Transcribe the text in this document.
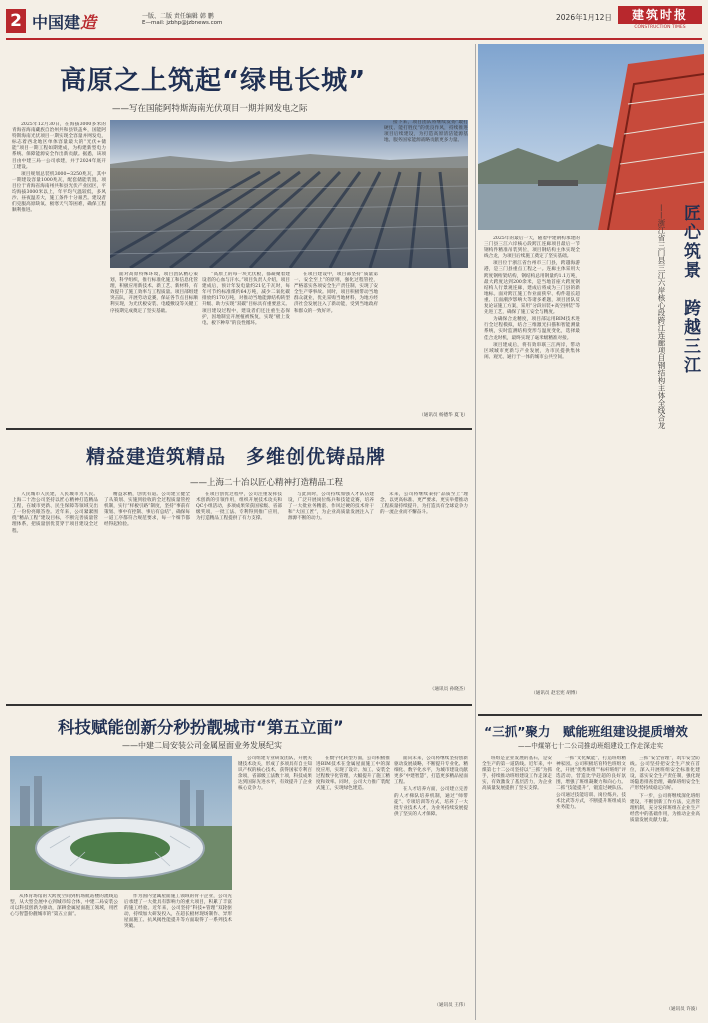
2 中国建造	一版、二版 责任编辑 韩 鹏
E—mail: jzbhp@jzbnews.com
2026年1月12日	建筑时报
CONSTRUCTION TIMES
高原之上筑起“绿电长城”
——写在国能阿特斯海南光伏项目一期并网发电之际

2025年12月30日，在海拔3000多米的青海省海南藏族自治州共和县铁盖乡，国能阿特斯海南光伏项目一期实现全容量并网发电，标志着西北地区单体容量最大的“光伏+储能”项目一期工程如期建成，为构建新型电力系统、保障能源安全作出新贡献。据悉，该项目由中建三局一公司承建，并于2024年底开工建设。

项目规划总装机3000~3250兆瓦，其中一期建设容量1000兆瓦，配套储能装置。项目位于青海省海南州共和县光伏产业园区，平均海拔3000米以上，年平均气温较低，多风沙、昼夜温差大，施工条件十分艰苦。建设者们克服高原缺氧、极寒天气等困难，确保工程顺利推进。

面对高原特殊环境，项目团队精心策划，科学组织，推行标准化施工和信息化管理，积极应用新技术、新工艺、新材料，有效提升了施工效率与工程质量。项目部组建突击队，开展劳动竞赛，保证各节点目标顺利实现，为光伏板安装、电缆敷设等关键工序按期完成奠定了坚实基础。

“高原上的每一块光伏板，都凝聚着建设者的心血与汗水。”项目负责人介绍，项目建成后，预计年发电量约21亿千瓦时，每年可节约标准煤约64万吨，减少二氧化碳排放约170万吨，对推动当地能源结构转型升级、助力实现“双碳”目标具有重要意义。项目建设过程中，建设者们还注重生态保护，因地制宜开展植被恢复，实现“板上发电、板下种草”的良性循环。

在项目建设中，项目部坚持“质量第一、安全至上”的原则，强化过程管控，严格落实各项安全生产责任制，实现了安全生产零事故。同时，项目积极带动当地群众就业，优先采购当地材料，为地方经济社会发展注入了新动能，受到当地政府和群众的一致好评。

接下来，项目团队将继续发扬“敢打硬仗、能打胜仗”的优良作风，持续推进项目后续建设，为打造高原清洁能源基地、服务国家能源战略贡献更多力量。

（通讯员 杨德华 夏飞）

2025年的最后一天，随着中建钢构承建的三门县三江六岸核心段跨江连廊项目最后一节钢构件精准吊装到位，项目钢结构主体实现全线合龙，为项目后续施工奠定了坚实基础。

项目位于浙江省台州市三门县，跨越海游港，是三门县重点工程之一。连廊主体采用大跨度钢桁架结构，钢结构总用钢量约1.1万吨，最大跨度达到200余米，是当地首座大跨度钢结构人行景观连廊，建成后将成为三门县的新地标。面对跨江施工作业面狭窄、构件超长超重、江面潮汐影响大等诸多难题，项目团队反复论证施工方案，采用“分段吊装+高空拼装”等先进工艺，确保了施工安全与精度。

为确保合龙精度，项目部运用BIM技术进行全过程模拟，结合三维激光扫描和智能测量系统，实时监测结构变形与温度变化，选择最佳合龙时机，最终实现了毫米级精准对接。

项目建成后，将有效串联三江两岸，带动区域城市更新与产业发展，为市民提供集休闲、观光、通行于一体的城市公共空间。	匠心筑景　跨越三江
——浙江省三门县三江六岸核心段跨江连廊项目钢结构主体全线合龙
（通讯员 赵宏宪 胡博）
精益建造筑精品　多维创优铸品牌
——上海二十冶以匠心精神打造精品工程

人民城市人民建，人民城市为人民。上海二十冶公司坚持以匠心精神打造精品工程，在城市更新、民生保障等领域交出了一份份亮眼答卷。近年来，公司紧紧围绕“精品工程”建设目标，不断完善质量管理体系，把质量创优贯穿于项目建设全过程。

精益求精，创优有道。公司建立健全了从策划、实施到验收的全过程质量管控机制，实行“样板引路”制度，坚持“事前有策划、事中有控制、事后有总结”，确保每一道工序都符合规范要求，每一个细节都经得起检验。

在项目创优过程中，公司注重发挥技术创新的引领作用，组织开展技术攻关和QC小组活动，多项成果荣获国家级、省部级奖项，一批工法、专利得到推广应用，为打造精品工程提供了有力支撑。

与此同时，公司持续加强人才队伍建设，广泛开展岗位练兵和技能竞赛，培养了一大批业务精湛、作风过硬的技术骨干和“大国工匠”，为企业高质量发展注入了源源不断的动力。

未来，公司将继续秉持“品质至上”理念，以更高标准、更严要求、更实举措推动工程质量持续提升，为打造具有全球竞争力的一流企业而不懈奋斗。

（通讯员 孙晓杰）
科技赋能创新分秒扮靓城市“第五立面”
——中建二局安装公司金属屋面业务发展纪实

从体育场馆的大跨度空间到机场航站楼的流线造型，从大型会展中心到城市综合体，中建二局安装公司以科技创新为驱动，深耕金属屋面施工领域，用匠心与智慧扮靓城市的“第五立面”。

作为国内金属屋面施工领域的骨干企业，公司先后承建了一大批具有影响力的重大项目，积累了丰富的施工经验。近年来，公司坚持“科技+管理”双轮驱动，持续加大研发投入，在超长板材现场制作、异形屋面施工、抗风揭性能提升等方面取得了一系列技术突破。

公司组建专业研发团队，开展关键技术攻关，形成了多项具有自主知识产权的核心技术，获得国家专利百余项，省部级工法数十项，科技成果达到国际先进水平，有效提升了企业核心竞争力。

在数字化转型方面，公司积极推进BIM技术在金属屋面施工中的深度应用，实现了设计、加工、安装全过程数字化管理，大幅提升了施工精度和效率。同时，公司大力推广装配式施工，实现绿色建造。

面向未来，公司将继续坚持创新驱动发展战略，不断提升专业化、精细化、数字化水平，为城市建设贡献更多“中建智慧”，打造更多精品屋面工程。

在人才培养方面，公司建立完善的人才梯队培养机制，通过“师带徒”、专项培训等方式，培养了一大批专业技术人才，为业务持续发展提供了坚实的人才保障。

（通讯员 王伟）
“三抓”聚力　赋能班组建设提质增效
——中煤第七十二公司推动班组建设工作走深走实

班组是企业发展的基石，是安全生产的第一道防线。近年来，中煤第七十二公司坚持以“三抓”为抓手，持续推动班组建设工作走深走实，有效激发了基层活力，为企业高质量发展提供了坚实支撑。

一抓“文化赋能”，打造班组精神家园。公司积极培育特色班组文化，开展“优秀班组”“标杆班组”评选活动，营造比学赶超的良好氛围，增强了班组凝聚力和向心力。二抓“技能提升”，锻造过硬队伍。公司通过技能培训、岗位练兵、技术比武等方式，不断提升班组成员业务能力。

三抓“安全管理”，筑牢安全防线。公司坚持把安全生产放在首位，深入开展班组安全标准化建设，落实安全生产责任制，强化现场隐患排查治理，确保班组安全生产形势持续稳定向好。

下一步，公司将继续深化班组建设，不断创新工作方法，完善管理机制，充分发挥班组在企业生产经营中的基础作用，为推动企业高质量发展贡献力量。

（通讯员 许波）
